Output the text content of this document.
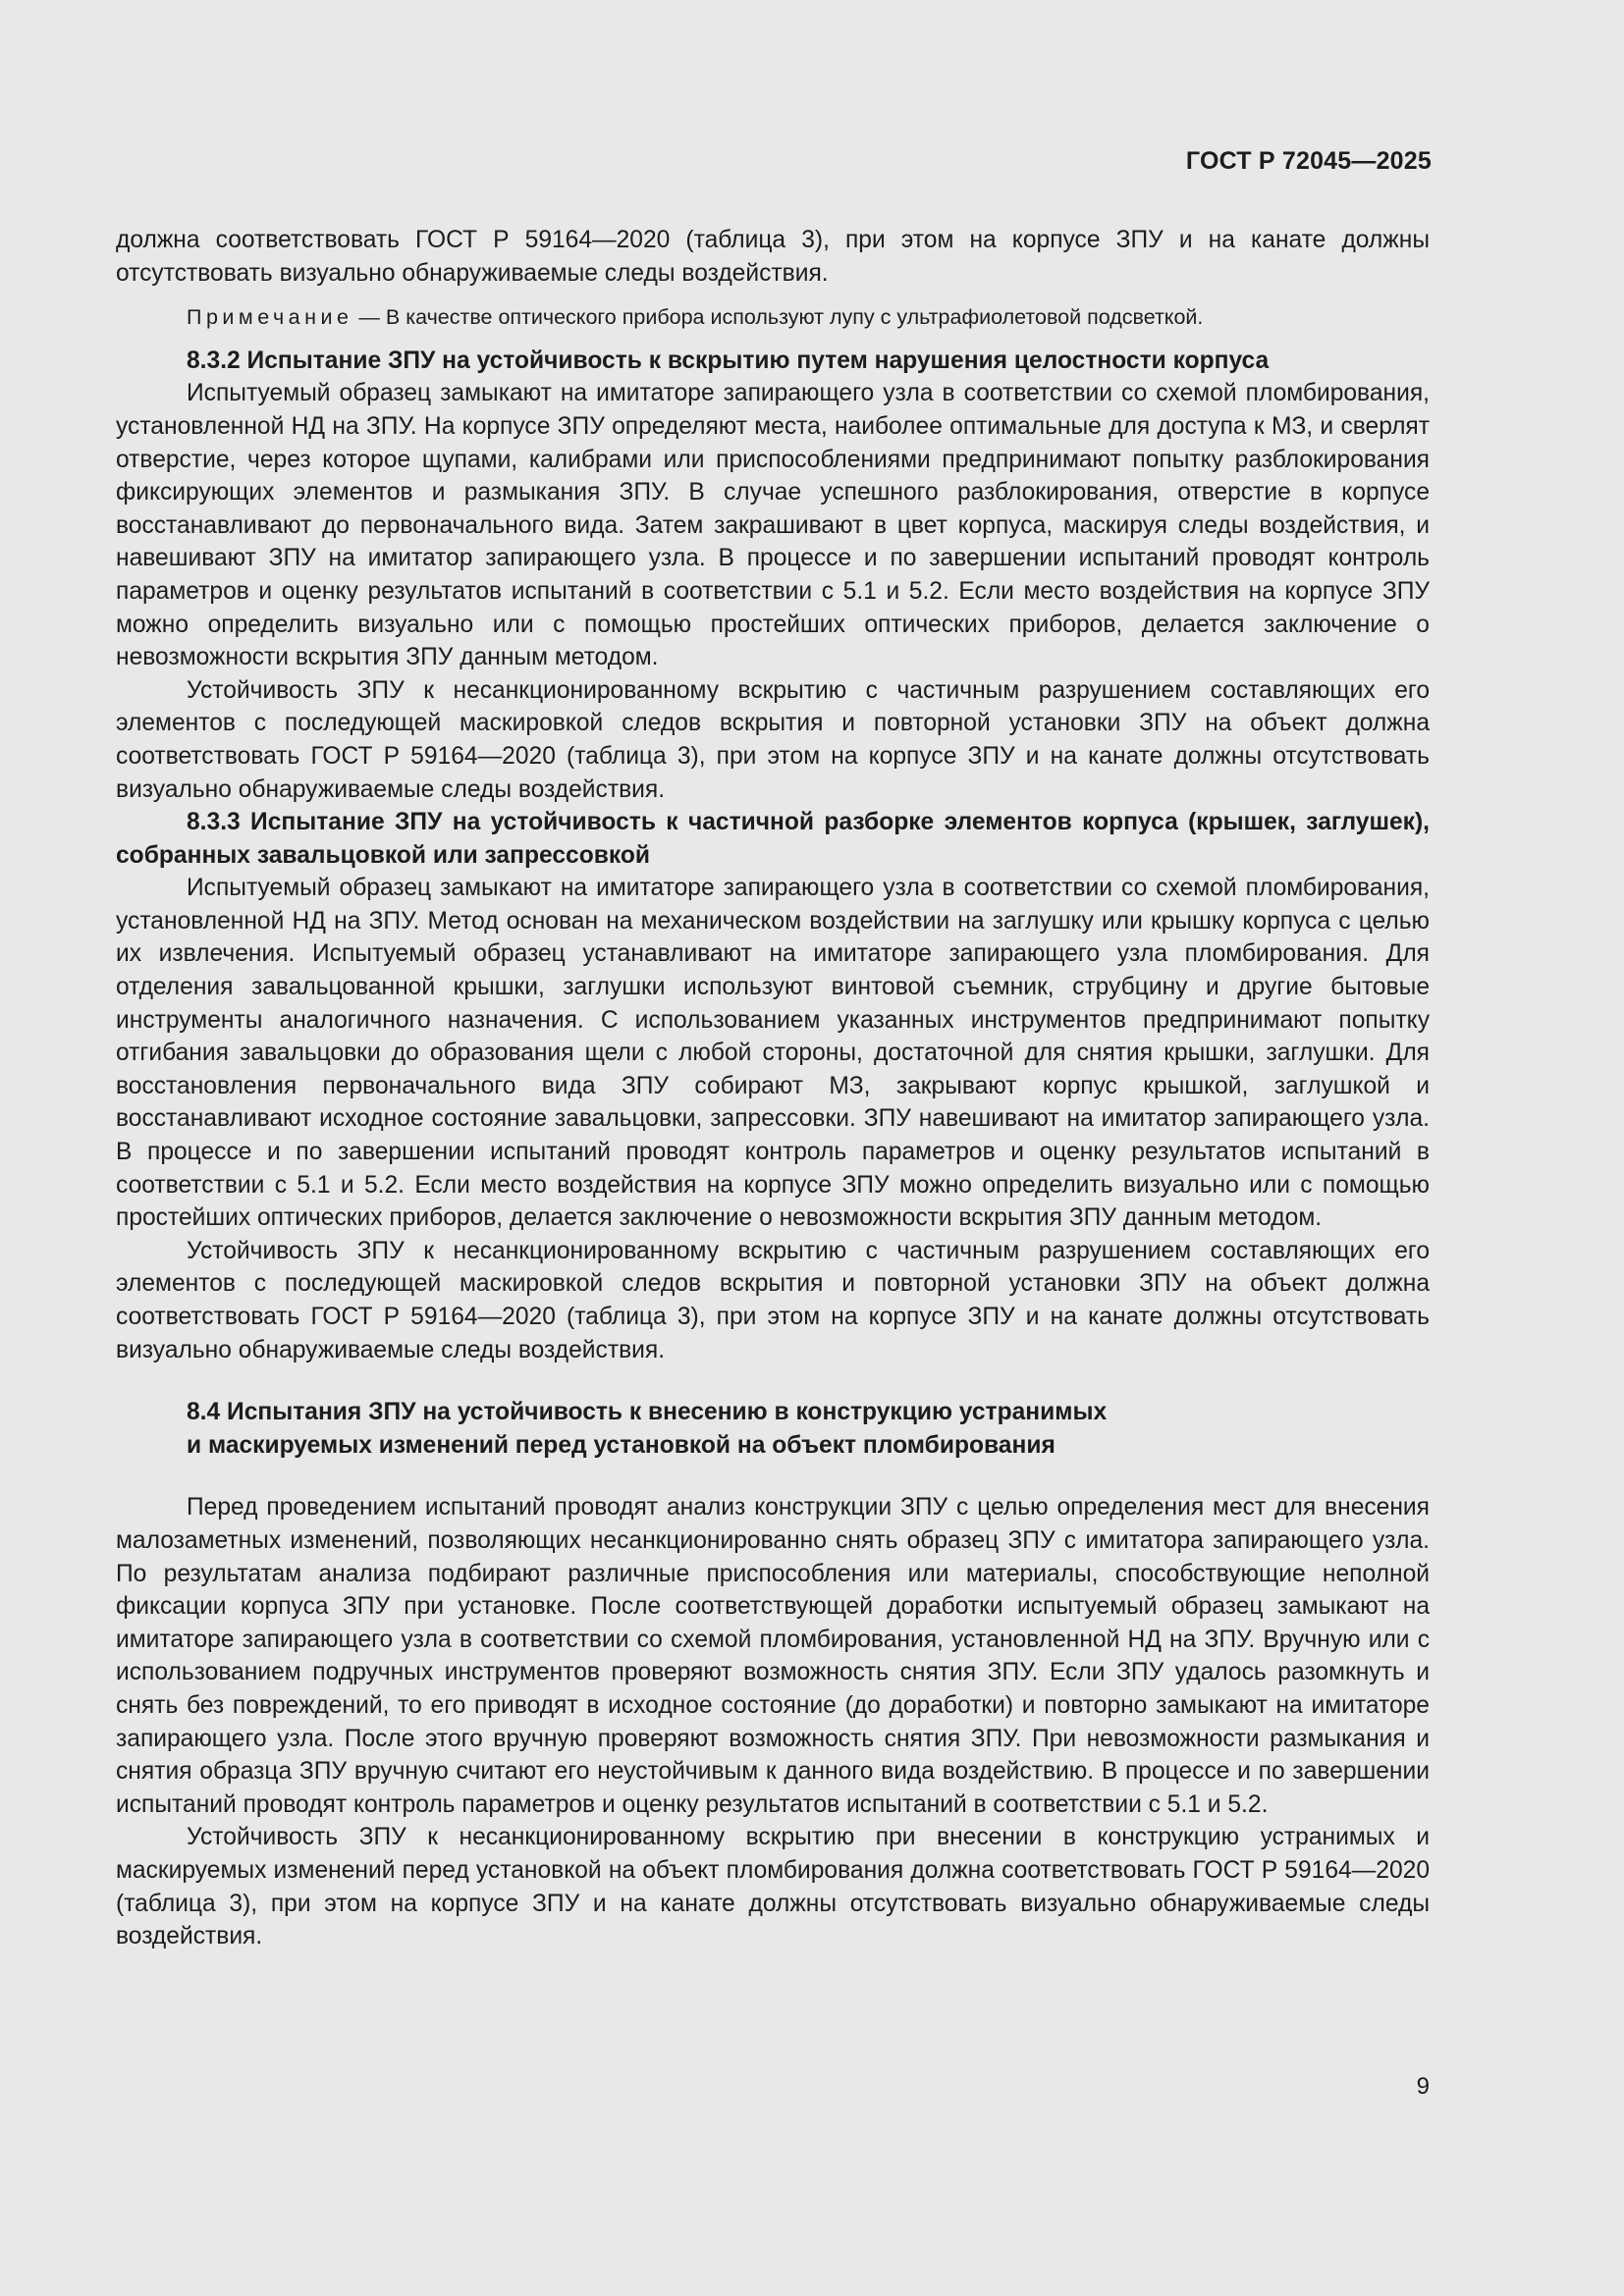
ГОСТ Р 72045—2025

должна соответствовать ГОСТ Р 59164—2020 (таблица 3), при этом на корпусе ЗПУ и на канате должны отсутствовать визуально обнаруживаемые следы воздействия.

Примечание — В качестве оптического прибора используют лупу с ультрафиолетовой подсветкой.

8.3.2 Испытание ЗПУ на устойчивость к вскрытию путем нарушения целостности корпуса

Испытуемый образец замыкают на имитаторе запирающего узла в соответствии со схемой пломбирования, установленной НД на ЗПУ. На корпусе ЗПУ определяют места, наиболее оптимальные для доступа к МЗ, и сверлят отверстие, через которое щупами, калибрами или приспособлениями предпринимают попытку разблокирования фиксирующих элементов и размыкания ЗПУ. В случае успешного разблокирования, отверстие в корпусе восстанавливают до первоначального вида. Затем закрашивают в цвет корпуса, маскируя следы воздействия, и навешивают ЗПУ на имитатор запирающего узла. В процессе и по завершении испытаний проводят контроль параметров и оценку результатов испытаний в соответствии с 5.1 и 5.2. Если место воздействия на корпусе ЗПУ можно определить визуально или с помощью простейших оптических приборов, делается заключение о невозможности вскрытия ЗПУ данным методом.

Устойчивость ЗПУ к несанкционированному вскрытию с частичным разрушением составляющих его элементов с последующей маскировкой следов вскрытия и повторной установки ЗПУ на объект должна соответствовать ГОСТ Р 59164—2020 (таблица 3), при этом на корпусе ЗПУ и на канате должны отсутствовать визуально обнаруживаемые следы воздействия.

8.3.3 Испытание ЗПУ на устойчивость к частичной разборке элементов корпуса (крышек, заглушек), собранных завальцовкой или запрессовкой

Испытуемый образец замыкают на имитаторе запирающего узла в соответствии со схемой пломбирования, установленной НД на ЗПУ. Метод основан на механическом воздействии на заглушку или крышку корпуса с целью их извлечения. Испытуемый образец устанавливают на имитаторе запирающего узла пломбирования. Для отделения завальцованной крышки, заглушки используют винтовой съемник, струбцину и другие бытовые инструменты аналогичного назначения. С использованием указанных инструментов предпринимают попытку отгибания завальцовки до образования щели с любой стороны, достаточной для снятия крышки, заглушки. Для восстановления первоначального вида ЗПУ собирают МЗ, закрывают корпус крышкой, заглушкой и восстанавливают исходное состояние завальцовки, запрессовки. ЗПУ навешивают на имитатор запирающего узла. В процессе и по завершении испытаний проводят контроль параметров и оценку результатов испытаний в соответствии с 5.1 и 5.2. Если место воздействия на корпусе ЗПУ можно определить визуально или с помощью простейших оптических приборов, делается заключение о невозможности вскрытия ЗПУ данным методом.

Устойчивость ЗПУ к несанкционированному вскрытию с частичным разрушением составляющих его элементов с последующей маскировкой следов вскрытия и повторной установки ЗПУ на объект должна соответствовать ГОСТ Р 59164—2020 (таблица 3), при этом на корпусе ЗПУ и на канате должны отсутствовать визуально обнаруживаемые следы воздействия.

8.4 Испытания ЗПУ на устойчивость к внесению в конструкцию устранимых
и маскируемых изменений перед установкой на объект пломбирования

Перед проведением испытаний проводят анализ конструкции ЗПУ с целью определения мест для внесения малозаметных изменений, позволяющих несанкционированно снять образец ЗПУ с имитатора запирающего узла. По результатам анализа подбирают различные приспособления или материалы, способствующие неполной фиксации корпуса ЗПУ при установке. После соответствующей доработки испытуемый образец замыкают на имитаторе запирающего узла в соответствии со схемой пломбирования, установленной НД на ЗПУ. Вручную или с использованием подручных инструментов проверяют возможность снятия ЗПУ. Если ЗПУ удалось разомкнуть и снять без повреждений, то его приводят в исходное состояние (до доработки) и повторно замыкают на имитаторе запирающего узла. После этого вручную проверяют возможность снятия ЗПУ. При невозможности размыкания и снятия образца ЗПУ вручную считают его неустойчивым к данного вида воздействию. В процессе и по завершении испытаний проводят контроль параметров и оценку результатов испытаний в соответствии с 5.1 и 5.2.

Устойчивость ЗПУ к несанкционированному вскрытию при внесении в конструкцию устранимых и маскируемых изменений перед установкой на объект пломбирования должна соответствовать ГОСТ Р 59164—2020 (таблица 3), при этом на корпусе ЗПУ и на канате должны отсутствовать визуально обнаруживаемые следы воздействия.

9
